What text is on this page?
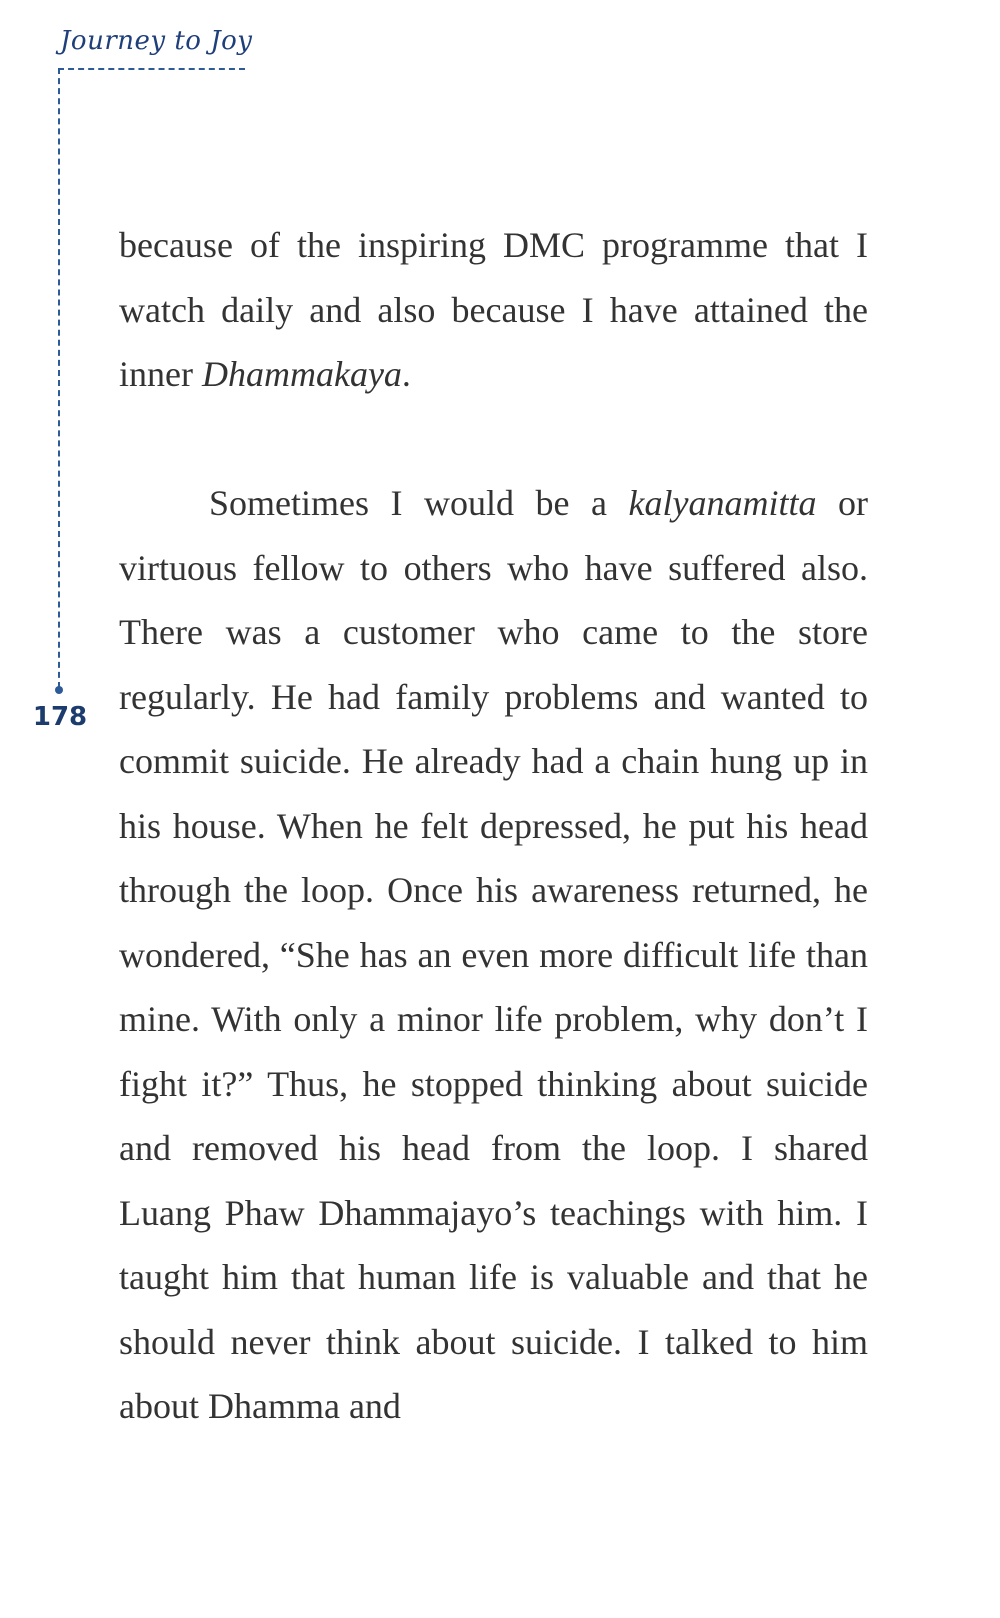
Journey to Joy
178

because of the inspiring DMC programme that I watch daily and also because I have attained the inner Dhammakaya.

Sometimes I would be a kalyanamitta or virtuous fellow to others who have suffered also. There was a customer who came to the store regularly. He had family problems and wanted to commit suicide. He already had a chain hung up in his house. When he felt depressed, he put his head through the loop. Once his awareness returned, he wondered, “She has an even more difficult life than mine. With only a minor life problem, why don’t I fight it?” Thus, he stopped thinking about suicide and removed his head from the loop. I shared Luang Phaw Dhammajayo’s teachings with him. I taught him that human life is valuable and that he should never think about suicide. I talked to him about Dhamma and
